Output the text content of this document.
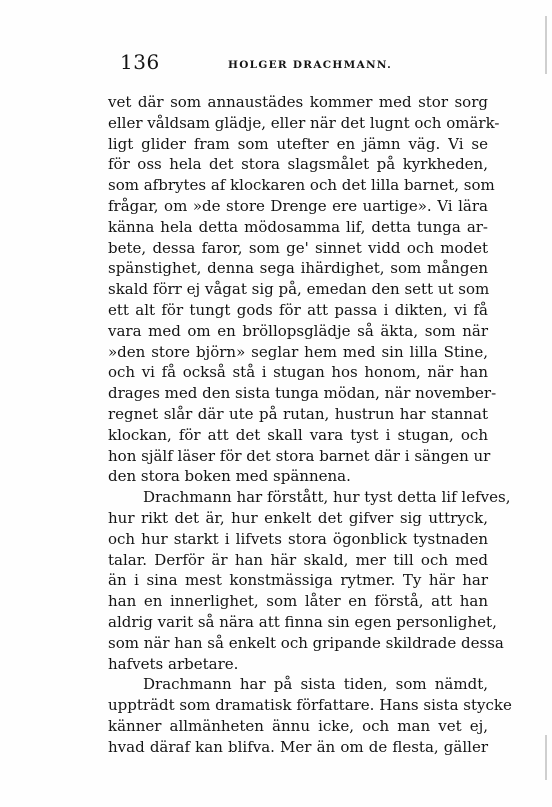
136	HOLGER DRACHMANN.
vet där som annaustädes kommer med stor sorg
eller våldsam glädje, eller när det lugnt och omärk-
ligt glider fram som utefter en jämn väg. Vi se
för oss hela det stora slagsmålet på kyrkheden,
som afbrytes af klockaren och det lilla barnet, som
frågar, om »de store Drenge ere uartige». Vi lära
känna hela detta mödosamma lif, detta tunga ar-
bete, dessa faror, som ge' sinnet vidd och modet
spänstighet, denna sega ihärdighet, som mången
skald förr ej vågat sig på, emedan den sett ut som
ett alt för tungt gods för att passa i dikten, vi få
vara med om en bröllopsglädje så äkta, som när
»den store björn» seglar hem med sin lilla Stine,
och vi få också stå i stugan hos honom, när han
drages med den sista tunga mödan, när november-
regnet slår där ute på rutan, hustrun har stannat
klockan, för att det skall vara tyst i stugan, och
hon själf läser för det stora barnet där i sängen ur
den stora boken med spännena.
Drachmann har förstått, hur tyst detta lif lefves,
hur rikt det är, hur enkelt det gifver sig uttryck,
och hur starkt i lifvets stora ögonblick tystnaden
talar. Derför är han här skald, mer till och med
än i sina mest konstmässiga rytmer. Ty här har
han en innerlighet, som låter en förstå, att han
aldrig varit så nära att finna sin egen personlighet,
som när han så enkelt och gripande skildrade dessa
hafvets arbetare.
Drachmann har på sista tiden, som nämdt,
uppträdt som dramatisk författare. Hans sista stycke
känner allmänheten ännu icke, och man vet ej,
hvad däraf kan blifva. Mer än om de flesta, gäller
